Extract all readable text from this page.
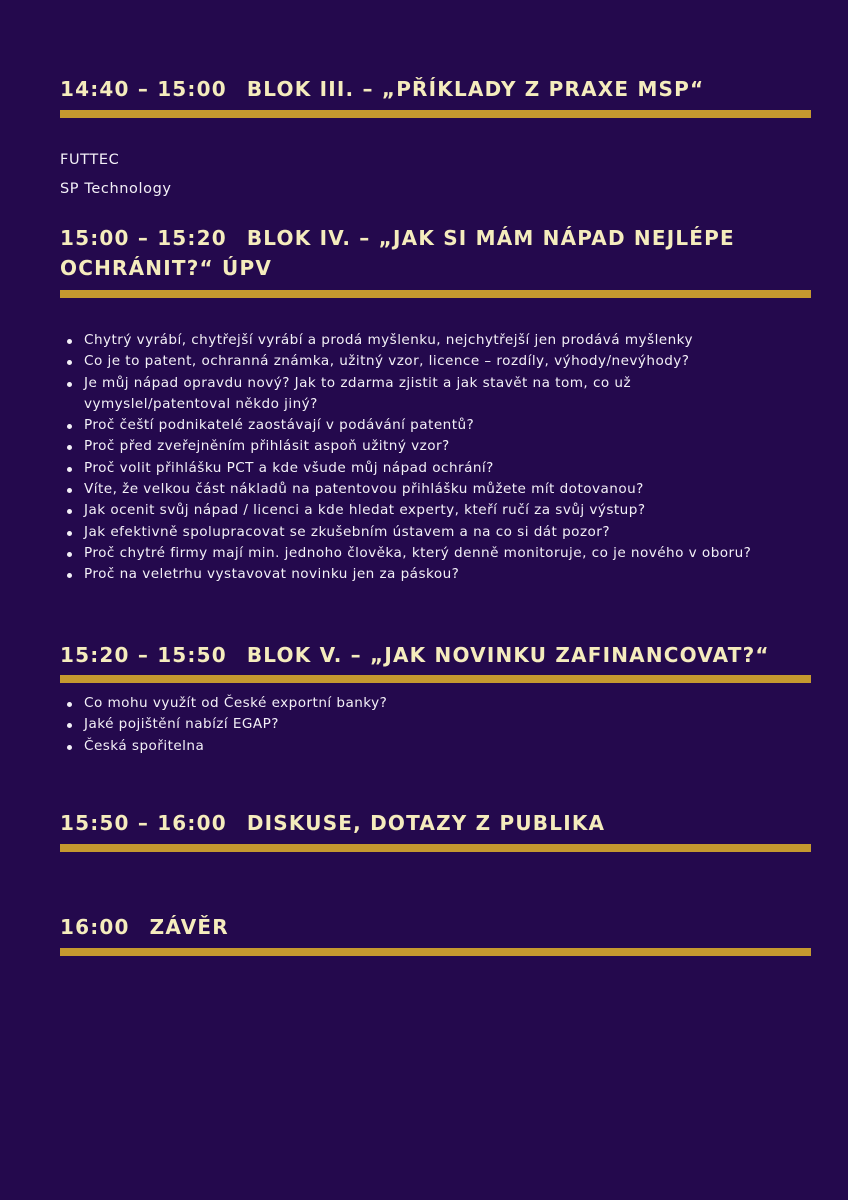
14:40 – 15:00 BLOK III. – „PŘÍKLADY Z PRAXE MSP“

FUTTEC

SP Technology

15:00 – 15:20 BLOK IV. – „JAK SI MÁM NÁPAD NEJLÉPE
OCHRÁNIT?“ ÚPV
Chytrý vyrábí, chytřejší vyrábí a prodá myšlenku, nejchytřejší jen prodává myšlenky
Co je to patent, ochranná známka, užitný vzor, licence – rozdíly, výhody/nevýhody?
Je můj nápad opravdu nový? Jak to zdarma zjistit a jak stavět na tom, co už vymyslel/patentoval někdo jiný?
Proč čeští podnikatelé zaostávají v podávání patentů?
Proč před zveřejněním přihlásit aspoň užitný vzor?
Proč volit přihlášku PCT a kde všude můj nápad ochrání?
Víte, že velkou část nákladů na patentovou přihlášku můžete mít dotovanou?
Jak ocenit svůj nápad / licenci a kde hledat experty, kteří ručí za svůj výstup?
Jak efektivně spolupracovat se zkušebním ústavem a na co si dát pozor?
Proč chytré firmy mají min. jednoho člověka, který denně monitoruje, co je nového v oboru?
Proč na veletrhu vystavovat novinku jen za páskou?
15:20 – 15:50 BLOK V. – „JAK NOVINKU ZAFINANCOVAT?“
Co mohu využít od České exportní banky?
Jaké pojištění nabízí EGAP?
Česká spořitelna
15:50 – 16:00 DISKUSE, DOTAZY Z PUBLIKA
16:00 ZÁVĚR
